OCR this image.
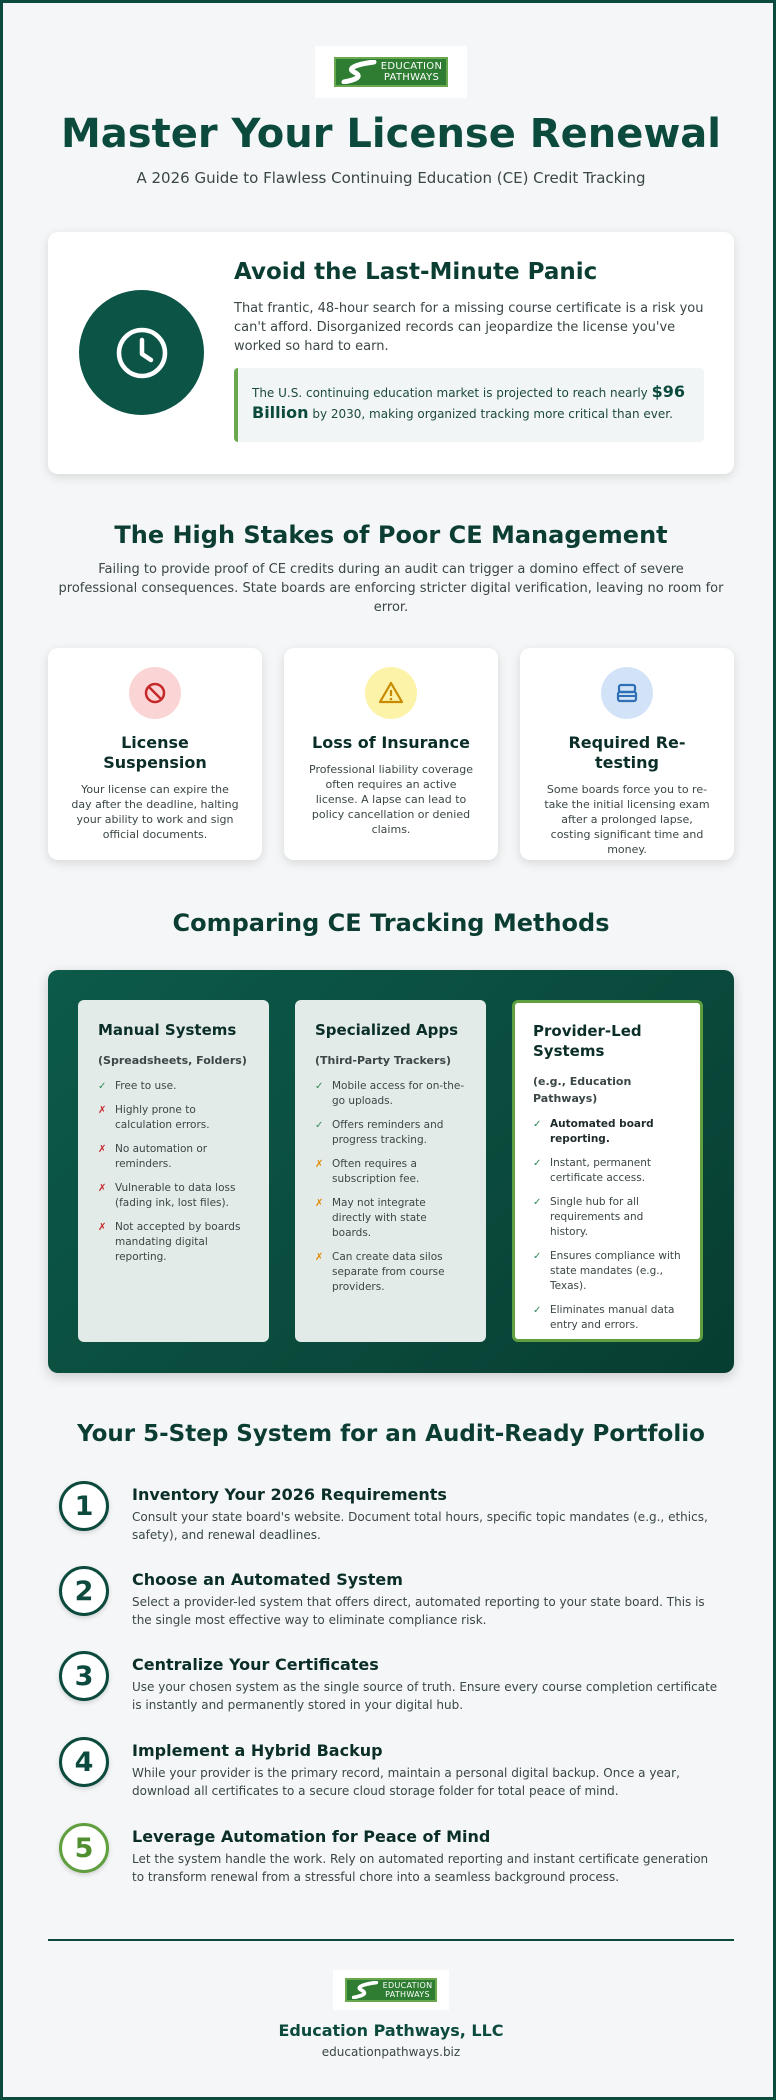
EDUCATION
PATHWAYS
Master Your License Renewal
A 2026 Guide to Flawless Continuing Education (CE) Credit Tracking
Avoid the Last-Minute Panic

That frantic, 48-hour search for a missing course certificate is a risk you can't afford. Disorganized records can jeopardize the license you've worked so hard to earn.

The U.S. continuing education market is projected to reach nearly $96 Billion by 2030, making organized tracking more critical than ever.
The High Stakes of Poor CE Management

Failing to provide proof of CE credits during an audit can trigger a domino effect of severe professional consequences. State boards are enforcing stricter digital verification, leaving no room for error.

License Suspension

Your license can expire the day after the deadline, halting your ability to work and sign official documents.

Loss of Insurance

Professional liability coverage often requires an active license. A lapse can lead to policy cancellation or denied claims.

Required Re-testing

Some boards force you to re-take the initial licensing exam after a prolonged lapse, costing significant time and money.

Comparing CE Tracking Methods
Manual Systems
(Spreadsheets, Folders)
✓ Free to use.
✗ Highly prone to calculation errors.
✗ No automation or reminders.
✗ Vulnerable to data loss (fading ink, lost files).
✗ Not accepted by boards mandating digital reporting.
Specialized Apps
(Third-Party Trackers)
✓ Mobile access for on-the-go uploads.
✓ Offers reminders and progress tracking.
✗ Often requires a subscription fee.
✗ May not integrate directly with state boards.
✗ Can create data silos separate from course providers.
Provider-Led Systems
(e.g., Education Pathways)
✓ Automated board reporting.
✓ Instant, permanent certificate access.
✓ Single hub for all requirements and history.
✓ Ensures compliance with state mandates (e.g., Texas).
✓ Eliminates manual data entry and errors.
Your 5-Step System for an Audit-Ready Portfolio
1	Inventory Your 2026 Requirements

Consult your state board's website. Document total hours, specific topic mandates (e.g., ethics, safety), and renewal deadlines.

2	Choose an Automated System

Select a provider-led system that offers direct, automated reporting to your state board. This is the single most effective way to eliminate compliance risk.

3	Centralize Your Certificates

Use your chosen system as the single source of truth. Ensure every course completion certificate is instantly and permanently stored in your digital hub.

4	Implement a Hybrid Backup

While your provider is the primary record, maintain a personal digital backup. Once a year, download all certificates to a secure cloud storage folder for total peace of mind.

5	Leverage Automation for Peace of Mind

Let the system handle the work. Rely on automated reporting and instant certificate generation to transform renewal from a stressful chore into a seamless background process.

EDUCATION
PATHWAYS
Education Pathways, LLC
educationpathways.biz
